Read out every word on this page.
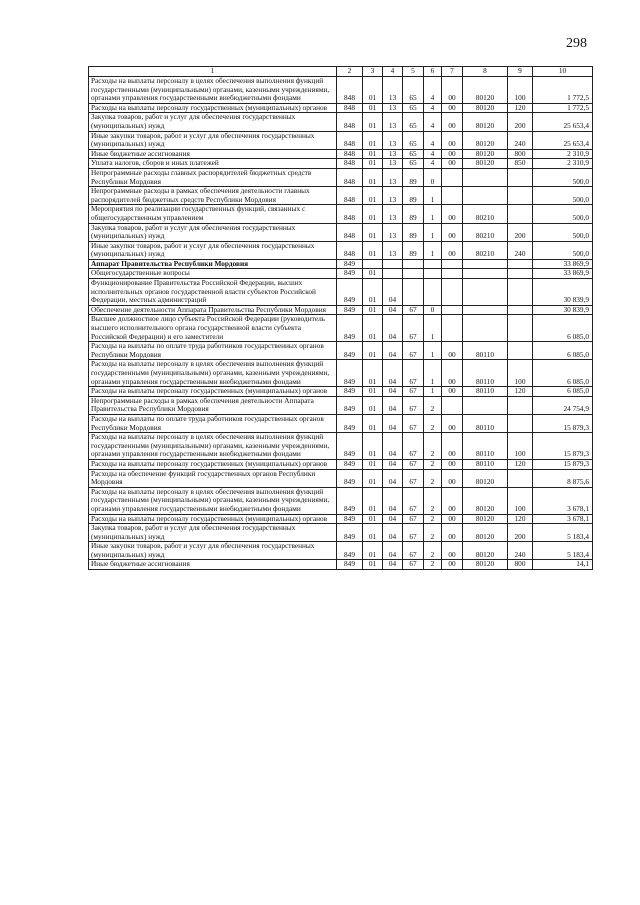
298
1	2	3	4	5	6	7	8	9	10
Расходы на выплаты персоналу в целях обеспечения выполнения функций государственными (муниципальными) органами, казенными учреждениями, органами управления государственными внебюджетными фондами	848	01	13	65	4	00	80120	100	1 772,5
Расходы на выплаты персоналу государственных (муниципальных) органов	848	01	13	65	4	00	80120	120	1 772,5
Закупка товаров, работ и услуг для обеспечения государственных (муниципальных) нужд	848	01	13	65	4	00	80120	200	25 653,4
Иные закупки товаров, работ и услуг для обеспечения государственных (муниципальных) нужд	848	01	13	65	4	00	80120	240	25 653,4
Иные бюджетные ассигнования	848	01	13	65	4	00	80120	800	2 310,9
Уплата налогов, сборов и иных платежей	848	01	13	65	4	00	80120	850	2 310,9
Непрограммные расходы главных распорядителей бюджетных средств Республики Мордовия	848	01	13	89	0				500,0
Непрограммные расходы в рамках обеспечения деятельности главных распорядителей бюджетных средств Республики Мордовия	848	01	13	89	1				500,0
Мероприятия по реализации государственных функций, связанных с общегосударственным управлением	848	01	13	89	1	00	80210		500,0
Закупка товаров, работ и услуг для обеспечения государственных (муниципальных) нужд	848	01	13	89	1	00	80210	200	500,0
Иные закупки товаров, работ и услуг для обеспечения государственных (муниципальных) нужд	848	01	13	89	1	00	80210	240	500,0
Аппарат Правительства Республики Мордовия	849								33 869,9
Общегосударственные вопросы	849	01							33 869,9
Функционирование Правительства Российской Федерации, высших исполнительных органов государственной власти субъектов Российской Федерации, местных администраций	849	01	04						30 839,9
Обеспечение деятельности Аппарата Правительства Республики Мордовия	849	01	04	67	0				30 839,9
Высшее должностное лицо субъекта Российской Федерации (руководитель высшего исполнительного органа государственной власти субъекта Российской Федерации) и его заместители	849	01	04	67	1				6 085,0
Расходы на выплаты по оплате труда работников государственных органов Республики Мордовия	849	01	04	67	1	00	80110		6 085,0
Расходы на выплаты персоналу в целях обеспечения выполнения функций государственными (муниципальными) органами, казенными учреждениями, органами управления государственными внебюджетными фондами	849	01	04	67	1	00	80110	100	6 085,0
Расходы на выплаты персоналу государственных (муниципальных) органов	849	01	04	67	1	00	80110	120	6 085,0
Непрограммные расходы в рамках обеспечения деятельности Аппарата Правительства Республики Мордовия	849	01	04	67	2				24 754,9
Расходы на выплаты по оплате труда работников государственных органов Республики Мордовия	849	01	04	67	2	00	80110		15 879,3
Расходы на выплаты персоналу в целях обеспечения выполнения функций государственными (муниципальными) органами, казенными учреждениями, органами управления государственными внебюджетными фондами	849	01	04	67	2	00	80110	100	15 879,3
Расходы на выплаты персоналу государственных (муниципальных) органов	849	01	04	67	2	00	80110	120	15 879,3
Расходы на обеспечение функций государственных органов Республики Мордовия	849	01	04	67	2	00	80120		8 875,6
Расходы на выплаты персоналу в целях обеспечения выполнения функций государственными (муниципальными) органами, казенными учреждениями, органами управления государственными внебюджетными фондами	849	01	04	67	2	00	80120	100	3 678,1
Расходы на выплаты персоналу государственных (муниципальных) органов	849	01	04	67	2	00	80120	120	3 678,1
Закупка товаров, работ и услуг для обеспечения государственных (муниципальных) нужд	849	01	04	67	2	00	80120	200	5 183,4
Иные закупки товаров, работ и услуг для обеспечения государственных (муниципальных) нужд	849	01	04	67	2	00	80120	240	5 183,4
Иные бюджетные ассигнования	849	01	04	67	2	00	80120	800	14,1
